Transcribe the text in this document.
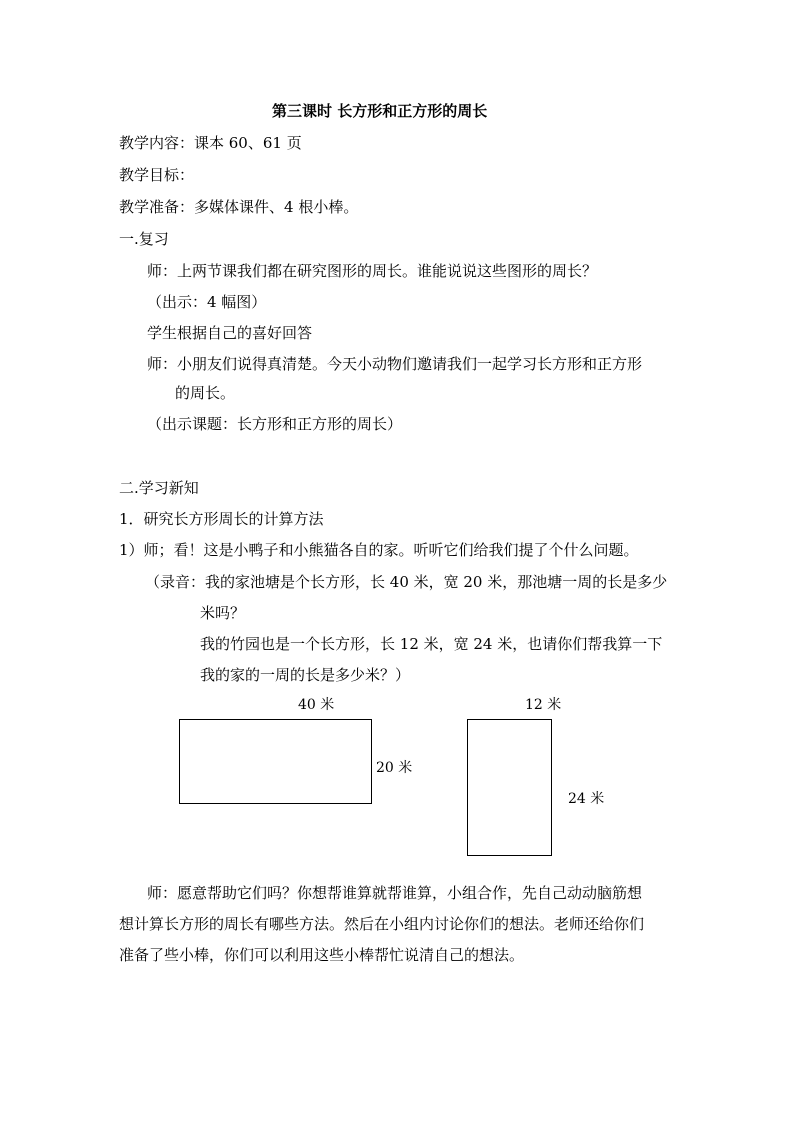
第三课时 长方形和正方形的周长
教学内容：课本 60、61 页
教学目标：
教学准备：多媒体课件、4 根小棒。
一.复习
师：上两节课我们都在研究图形的周长。谁能说说这些图形的周长？
（出示：4 幅图）
学生根据自己的喜好回答
师：小朋友们说得真清楚。今天小动物们邀请我们一起学习长方形和正方形
的周长。
（出示课题：长方形和正方形的周长）
二.学习新知
1．研究长方形周长的计算方法
1）师；看！这是小鸭子和小熊猫各自的家。听听它们给我们提了个什么问题。
（录音：我的家池塘是个长方形，长 40 米，宽 20 米，那池塘一周的长是多少
米吗？
我的竹园也是一个长方形，长 12 米，宽 24 米，也请你们帮我算一下
我的家的一周的长是多少米？）
40 米
20 米
12 米
24 米
师：愿意帮助它们吗？你想帮谁算就帮谁算，小组合作，先自己动动脑筋想
想计算长方形的周长有哪些方法。然后在小组内讨论你们的想法。老师还给你们
准备了些小棒，你们可以利用这些小棒帮忙说清自己的想法。
